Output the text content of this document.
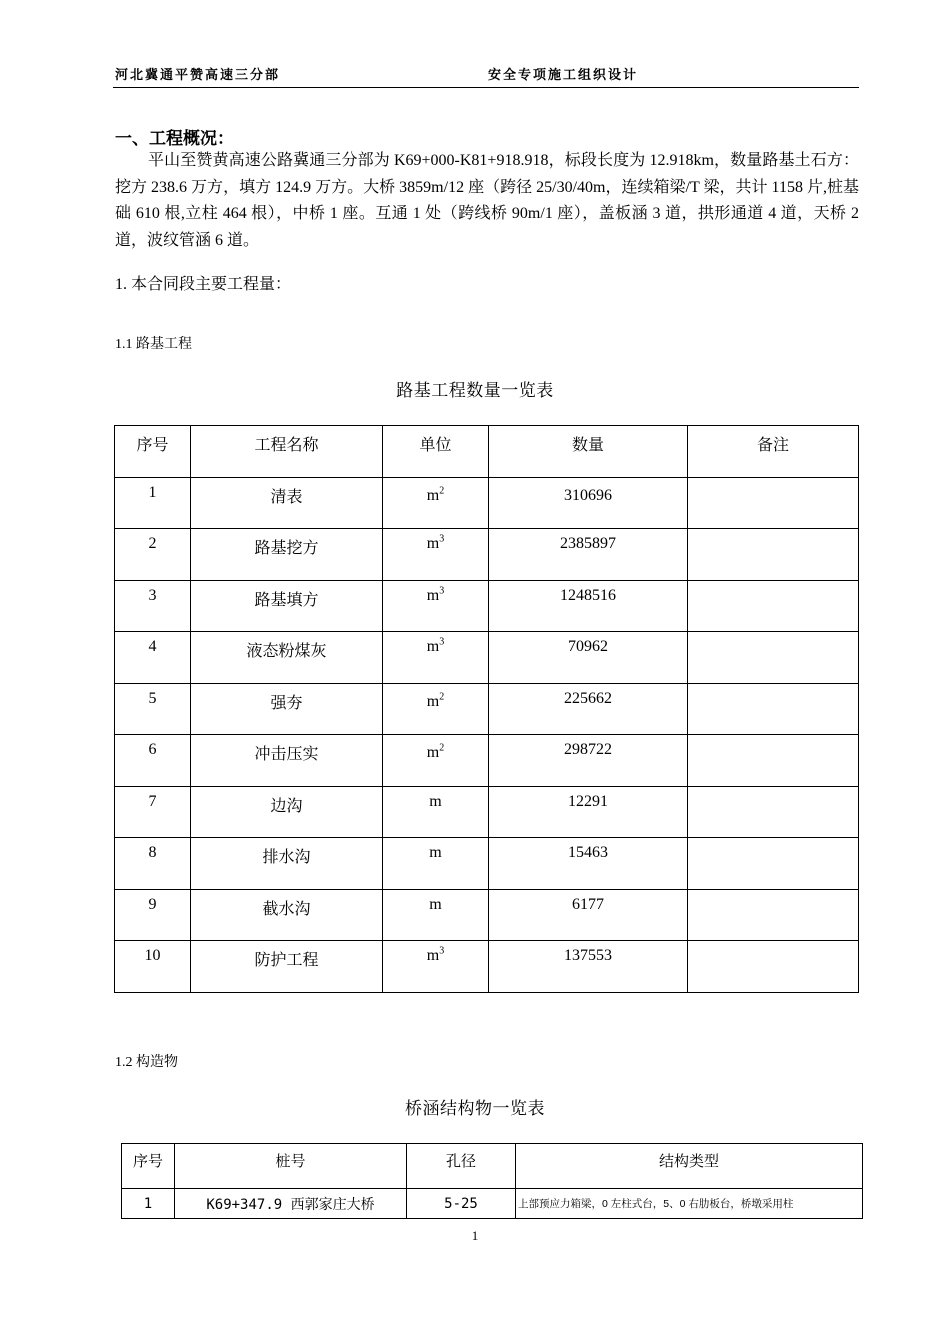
河北冀通平赞高速三分部	安全专项施工组织设计
一、工程概况：

平山至赞黄高速公路冀通三分部为 K69+000-K81+918.918，标段长度为 12.918km，数量路基土石方：挖方 238.6 万方，填方 124.9 万方。大桥 3859m/12 座（跨径 25/30/40m，连续箱梁/T 梁，共计 1158 片,桩基础 610 根,立柱 464 根），中桥 1 座。互通 1 处（跨线桥 90m/1 座），盖板涵 3 道，拱形通道 4 道，天桥 2 道，波纹管涵 6 道。

1. 本合同段主要工程量：
1.1 路基工程
路基工程数量一览表
序号	工程名称	单位	数量	备注
1	清表	$m^2$	310696	
2	路基挖方	$m^3$	2385897	
3	路基填方	$m^3$	1248516	
4	液态粉煤灰	$m^3$	70962	
5	强夯	$m^2$	225662	
6	冲击压实	$m^2$	298722	
7	边沟	m	12291	
8	排水沟	m	15463	
9	截水沟	m	6177	
10	防护工程	$m^3$	137553	
1.2 构造物
桥涵结构物一览表
序号	桩号	孔径	结构类型
1	K69+347.9 西郭家庄大桥	5-25	上部预应力箱梁，0 左柱式台，5、0 右肋板台，桥墩采用柱
1
